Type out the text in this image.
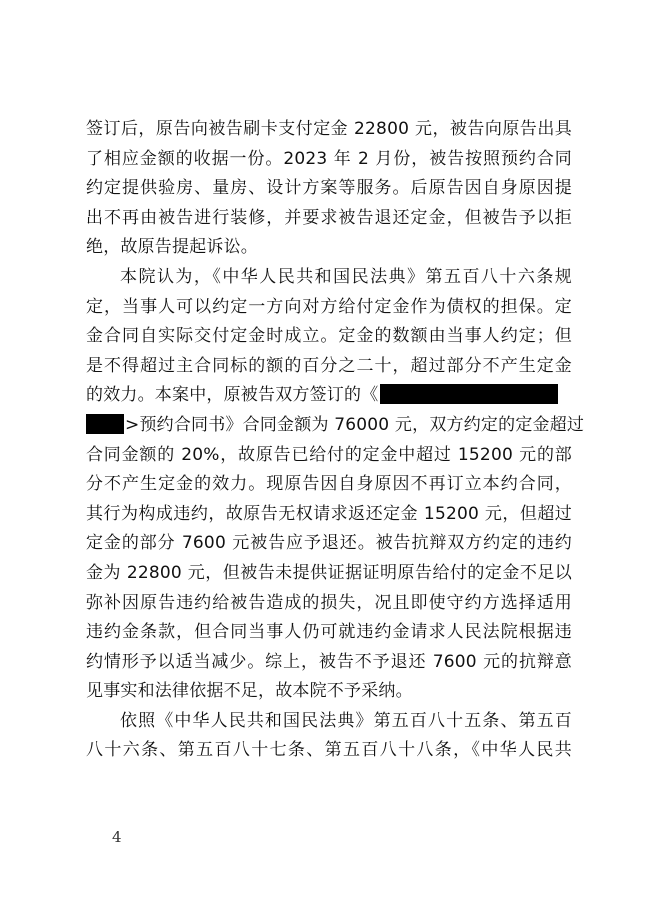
签订后，原告向被告刷卡支付定金 22800 元，被告向原告出具
了相应金额的收据一份。2023 年 2 月份，被告按照预约合同
约定提供验房、量房、设计方案等服务。后原告因自身原因提
出不再由被告进行装修，并要求被告退还定金，但被告予以拒
绝，故原告提起诉讼。
本院认为，《中华人民共和国民法典》第五百八十六条规
定，当事人可以约定一方向对方给付定金作为债权的担保。定
金合同自实际交付定金时成立。定金的数额由当事人约定；但
是不得超过主合同标的额的百分之二十，超过部分不产生定金
的效力。本案中，原被告双方签订的《
>预约合同书》合同金额为 76000 元，双方约定的定金超过
合同金额的 20%，故原告已给付的定金中超过 15200 元的部
分不产生定金的效力。现原告因自身原因不再订立本约合同，
其行为构成违约，故原告无权请求返还定金 15200 元，但超过
定金的部分 7600 元被告应予退还。被告抗辩双方约定的违约
金为 22800 元，但被告未提供证据证明原告给付的定金不足以
弥补因原告违约给被告造成的损失，况且即使守约方选择适用
违约金条款，但合同当事人仍可就违约金请求人民法院根据违
约情形予以适当减少。综上，被告不予退还 7600 元的抗辩意
见事实和法律依据不足，故本院不予采纳。
依照《中华人民共和国民法典》第五百八十五条、第五百
八十六条、第五百八十七条、第五百八十八条，《中华人民共
4
